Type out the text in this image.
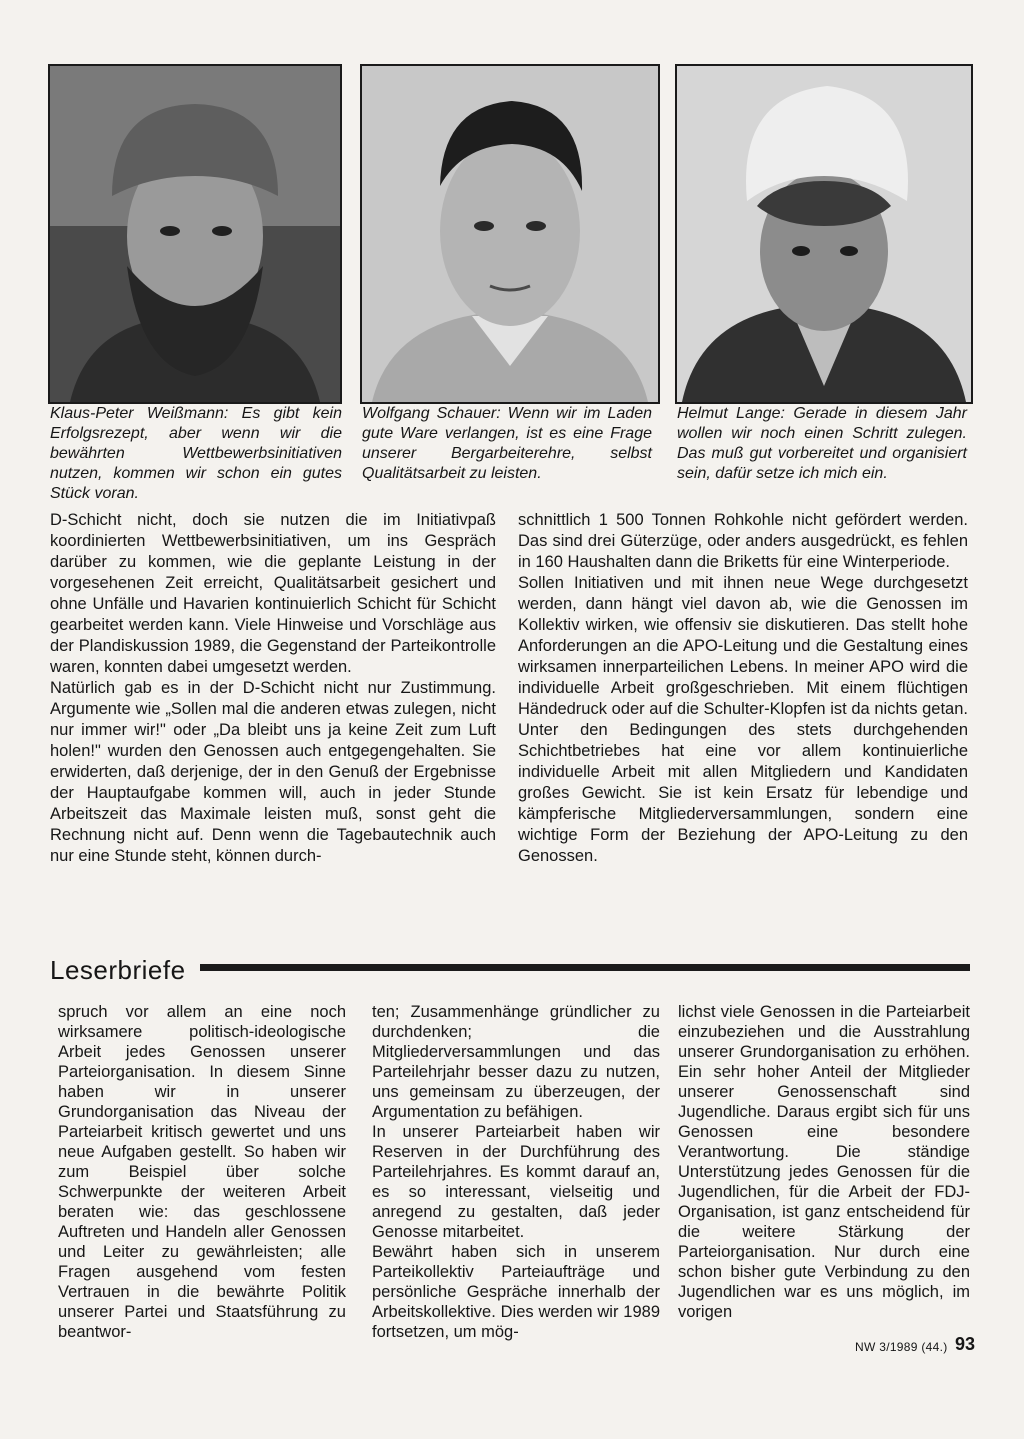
Klaus-Peter Weißmann: Es gibt kein Erfolgsrezept, aber wenn wir die bewährten Wettbewerbsinitiativen nutzen, kommen wir schon ein gutes Stück voran.
Wolfgang Schauer: Wenn wir im Laden gute Ware verlangen, ist es eine Frage unserer Bergarbeiterehre, selbst Qualitätsarbeit zu leisten.
Helmut Lange: Gerade in diesem Jahr wollen wir noch einen Schritt zulegen. Das muß gut vorbereitet und organisiert sein, dafür setze ich mich ein.

D-Schicht nicht, doch sie nutzen die im Initiativpaß koordinierten Wettbewerbsinitiativen, um ins Gespräch darüber zu kommen, wie die geplante Leistung in der vorgesehenen Zeit erreicht, Qualitätsarbeit gesichert und ohne Unfälle und Havarien kontinuierlich Schicht für Schicht gearbeitet werden kann. Viele Hinweise und Vorschläge aus der Plandiskussion 1989, die Gegenstand der Parteikontrolle waren, konnten dabei umgesetzt werden.

Natürlich gab es in der D-Schicht nicht nur Zustimmung. Argumente wie „Sollen mal die anderen etwas zulegen, nicht nur immer wir!" oder „Da bleibt uns ja keine Zeit zum Luft holen!" wurden den Genossen auch entgegengehalten. Sie erwiderten, daß derjenige, der in den Genuß der Ergebnisse der Hauptaufgabe kommen will, auch in jeder Stunde Arbeitszeit das Maximale leisten muß, sonst geht die Rechnung nicht auf. Denn wenn die Tagebautechnik auch nur eine Stunde steht, können durch-

schnittlich 1 500 Tonnen Rohkohle nicht gefördert werden. Das sind drei Güterzüge, oder anders ausgedrückt, es fehlen in 160 Haushalten dann die Briketts für eine Winterperiode.

Sollen Initiativen und mit ihnen neue Wege durchgesetzt werden, dann hängt viel davon ab, wie die Genossen im Kollektiv wirken, wie offensiv sie diskutieren. Das stellt hohe Anforderungen an die APO-Leitung und die Gestaltung eines wirksamen innerparteilichen Lebens. In meiner APO wird die individuelle Arbeit großgeschrieben. Mit einem flüchtigen Händedruck oder auf die Schulter-Klopfen ist da nichts getan. Unter den Bedingungen des stets durchgehenden Schichtbetriebes hat eine vor allem kontinuierliche individuelle Arbeit mit allen Mitgliedern und Kandidaten großes Gewicht. Sie ist kein Ersatz für lebendige und kämpferische Mitgliederversammlungen, sondern eine wichtige Form der Beziehung der APO-Leitung zu den Genossen.

Leserbriefe

spruch vor allem an eine noch wirksamere politisch-ideologische Arbeit jedes Genossen unserer Parteiorganisation. In diesem Sinne haben wir in unserer Grundorganisation das Niveau der Parteiarbeit kritisch gewertet und uns neue Aufgaben gestellt. So haben wir zum Beispiel über solche Schwerpunkte der weiteren Arbeit beraten wie: das geschlossene Auftreten und Handeln aller Genossen und Leiter zu gewährleisten; alle Fragen ausgehend vom festen Vertrauen in die bewährte Politik unserer Partei und Staatsführung zu beantwor-

ten; Zusammenhänge gründlicher zu durchdenken; die Mitgliederversammlungen und das Parteilehrjahr besser dazu zu nutzen, uns gemeinsam zu überzeugen, der Argumentation zu befähigen.

In unserer Parteiarbeit haben wir Reserven in der Durchführung des Parteilehrjahres. Es kommt darauf an, es so interessant, vielseitig und anregend zu gestalten, daß jeder Genosse mitarbeitet.

Bewährt haben sich in unserem Parteikollektiv Parteiaufträge und persönliche Gespräche innerhalb der Arbeitskollektive. Dies werden wir 1989 fortsetzen, um mög-

lichst viele Genossen in die Parteiarbeit einzubeziehen und die Ausstrahlung unserer Grundorganisation zu erhöhen. Ein sehr hoher Anteil der Mitglieder unserer Genossenschaft sind Jugendliche. Daraus ergibt sich für uns Genossen eine besondere Verantwortung. Die ständige Unterstützung jedes Genossen für die Jugendlichen, für die Arbeit der FDJ-Organisation, ist ganz entscheidend für die weitere Stärkung der Parteiorganisation. Nur durch eine schon bisher gute Verbindung zu den Jugendlichen war es uns möglich, im vorigen

NW 3/1989 (44.) 93
